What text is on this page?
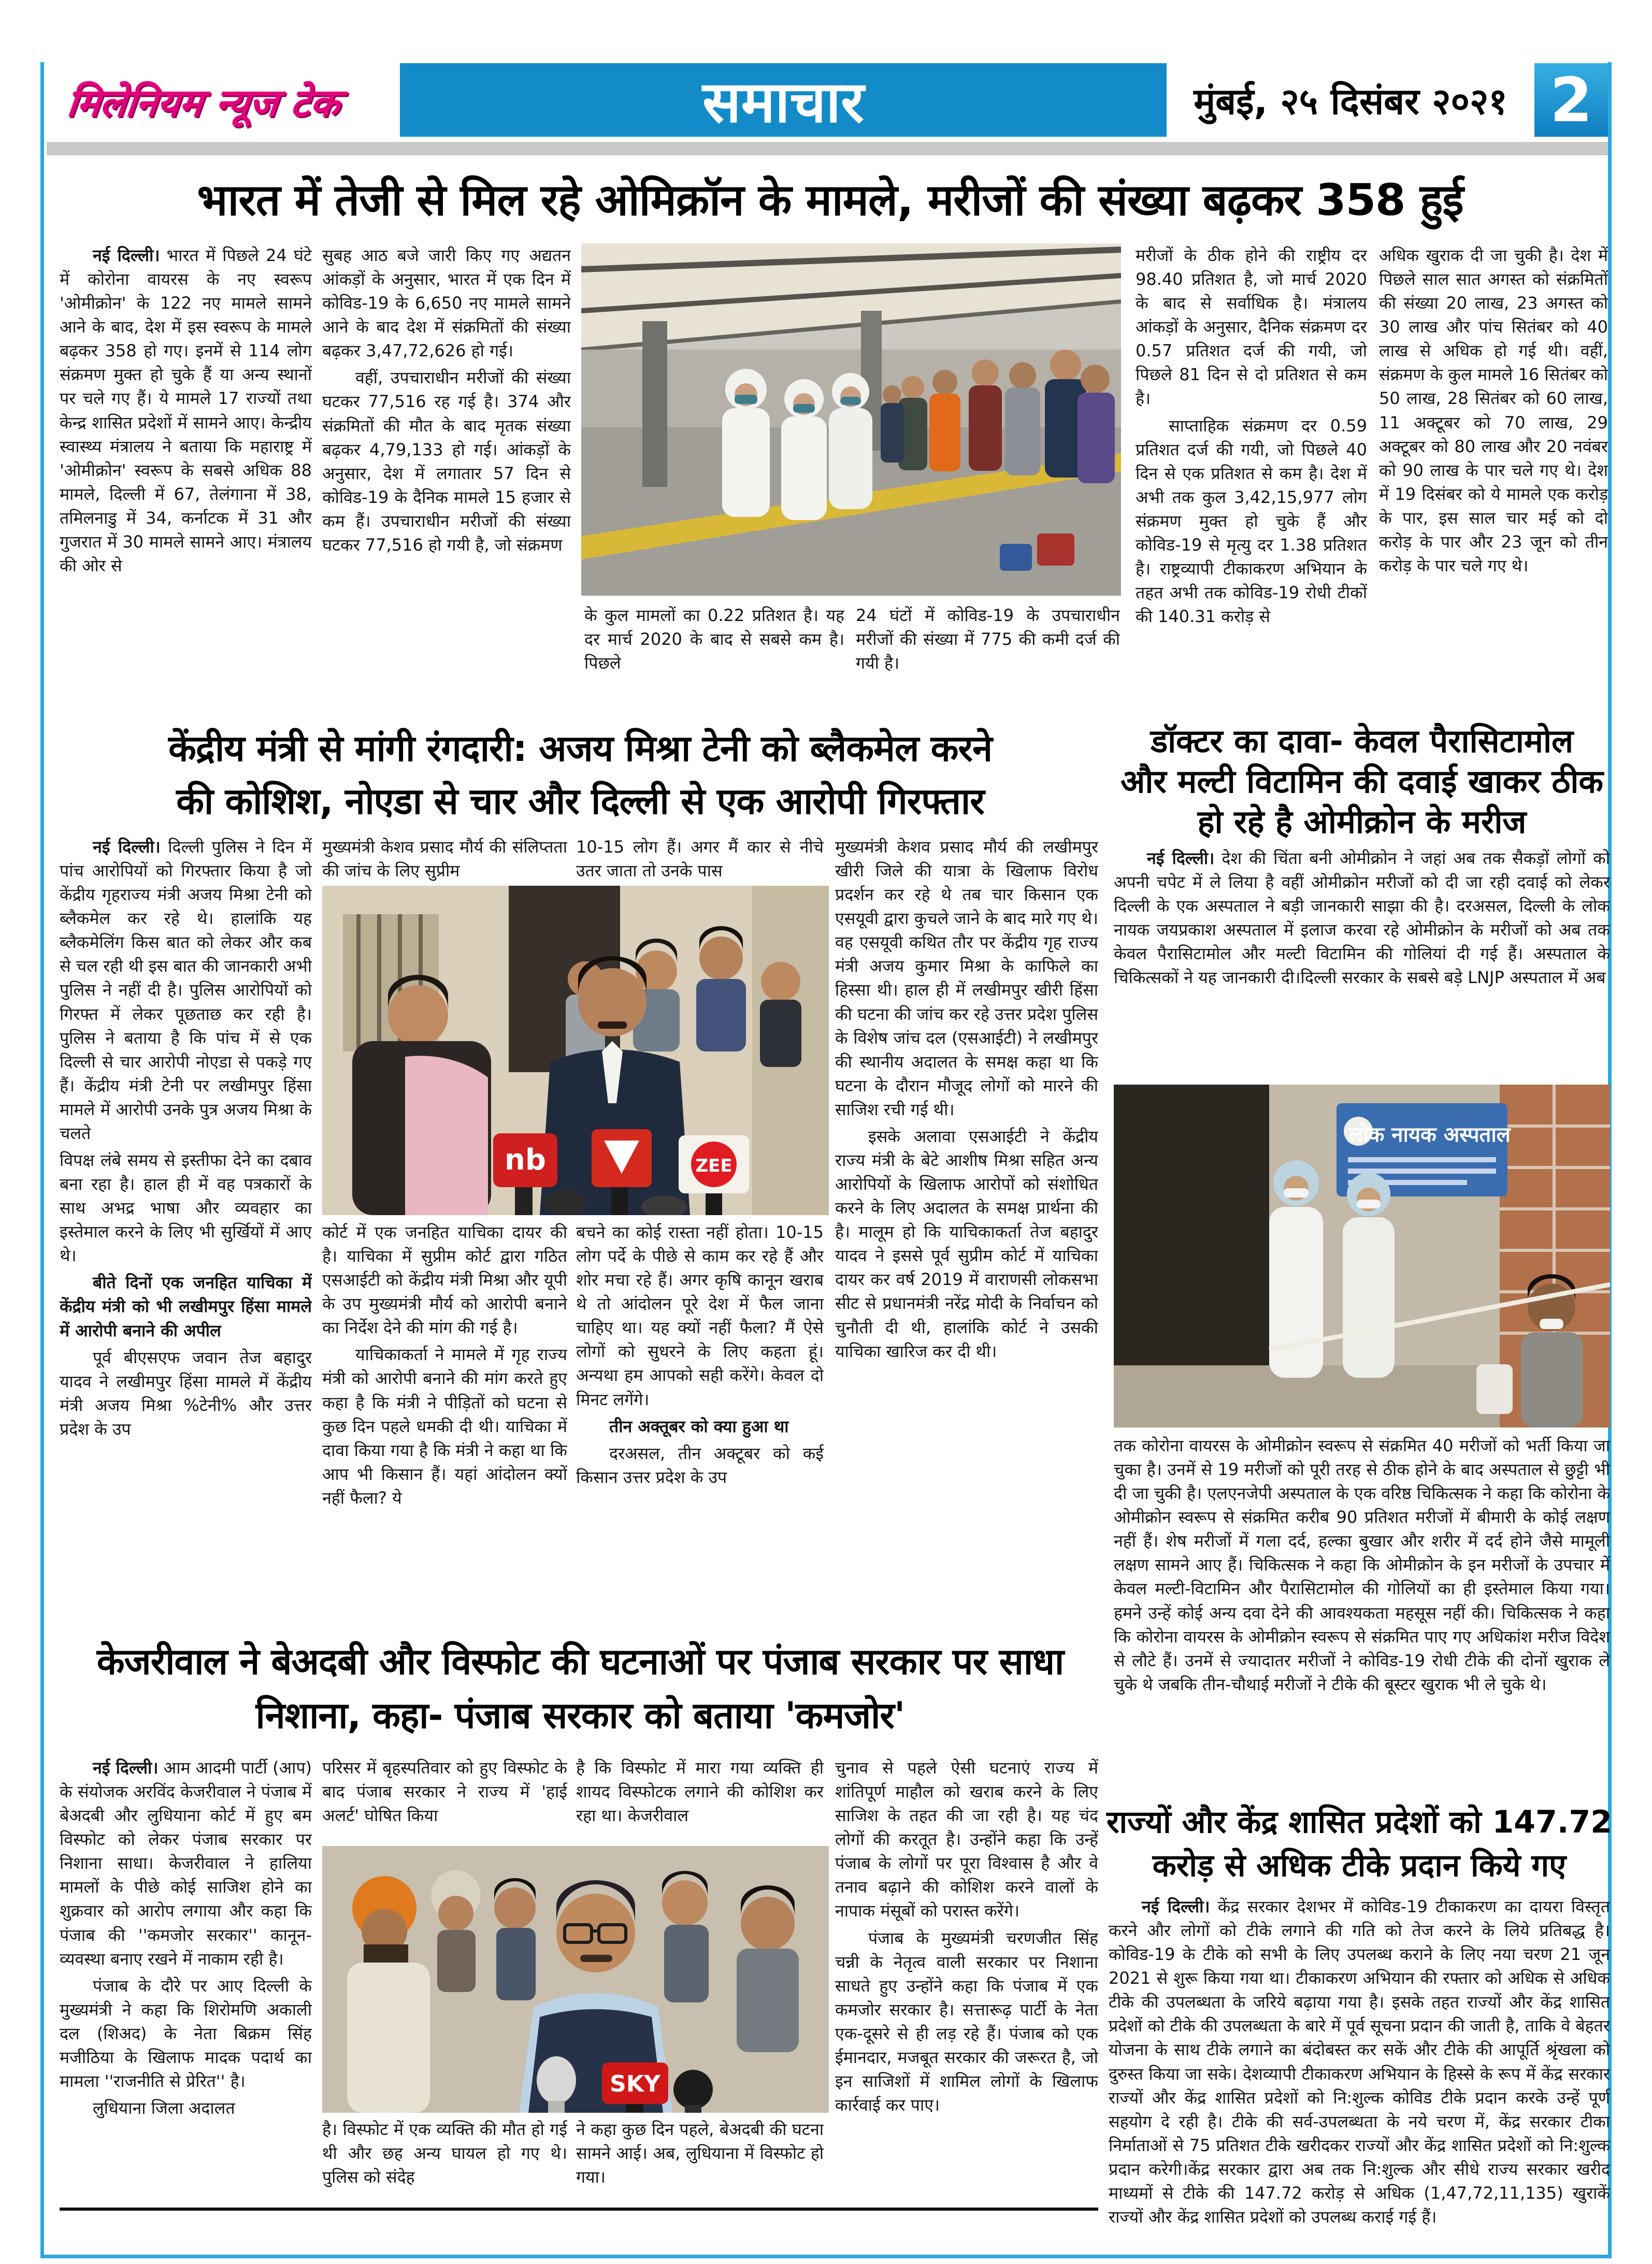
मिलेनियम न्यूज टेक	समाचार	मुंबई, २५ दिसंबर २०२१ 2
भारत में तेजी से मिल रहे ओमिक्रॉन के मामले, मरीजों की संख्या बढ़कर 358 हुई

नई दिल्ली। भारत में पिछले 24 घंटे में कोरोना वायरस के नए स्वरूप 'ओमीक्रोन' के 122 नए मामले सामने आने के बाद, देश में इस स्वरूप के मामले बढ़कर 358 हो गए। इनमें से 114 लोग संक्रमण मुक्त हो चुके हैं या अन्य स्थानों पर चले गए हैं। ये मामले 17 राज्यों तथा केन्द्र शासित प्रदेशों में सामने आए। केन्द्रीय स्वास्थ्य मंत्रालय ने बताया कि महाराष्ट्र में 'ओमीक्रोन' स्वरूप के सबसे अधिक 88 मामले, दिल्ली में 67, तेलंगाना में 38, तमिलनाडु में 34, कर्नाटक में 31 और गुजरात में 30 मामले सामने आए। मंत्रालय की ओर से

सुबह आठ बजे जारी किए गए अद्यतन आंकड़ों के अनुसार, भारत में एक दिन में कोविड-19 के 6,650 नए मामले सामने आने के बाद देश में संक्रमितों की संख्या बढ़कर 3,47,72,626 हो गई।

वहीं, उपचाराधीन मरीजों की संख्या घटकर 77,516 रह गई है। 374 और संक्रमितों की मौत के बाद मृतक संख्या बढ़कर 4,79,133 हो गई। आंकड़ों के अनुसार, देश में लगातार 57 दिन से कोविड-19 के दैनिक मामले 15 हजार से कम हैं। उपचाराधीन मरीजों की संख्या घटकर 77,516 हो गयी है, जो संक्रमण

के कुल मामलों का 0.22 प्रतिशत है। यह दर मार्च 2020 के बाद से सबसे कम है। पिछले
24 घंटों में कोविड-19 के उपचाराधीन मरीजों की संख्या में 775 की कमी दर्ज की गयी है।

मरीजों के ठीक होने की राष्ट्रीय दर 98.40 प्रतिशत है, जो मार्च 2020 के बाद से सर्वाधिक है। मंत्रालय आंकड़ों के अनुसार, दैनिक संक्रमण दर 0.57 प्रतिशत दर्ज की गयी, जो पिछले 81 दिन से दो प्रतिशत से कम है।

साप्ताहिक संक्रमण दर 0.59 प्रतिशत दर्ज की गयी, जो पिछले 40 दिन से एक प्रतिशत से कम है। देश में अभी तक कुल 3,42,15,977 लोग संक्रमण मुक्त हो चुके हैं और कोविड-19 से मृत्यु दर 1.38 प्रतिशत है। राष्ट्रव्यापी टीकाकरण अभियान के तहत अभी तक कोविड-19 रोधी टीकों की 140.31 करोड़ से

अधिक खुराक दी जा चुकी है। देश में पिछले साल सात अगस्त को संक्रमितों की संख्या 20 लाख, 23 अगस्त को 30 लाख और पांच सितंबर को 40 लाख से अधिक हो गई थी। वहीं, संक्रमण के कुल मामले 16 सितंबर को 50 लाख, 28 सितंबर को 60 लाख, 11 अक्टूबर को 70 लाख, 29 अक्टूबर को 80 लाख और 20 नवंबर को 90 लाख के पार चले गए थे। देश में 19 दिसंबर को ये मामले एक करोड़ के पार, इस साल चार मई को दो करोड़ के पार और 23 जून को तीन करोड़ के पार चले गए थे।
केंद्रीय मंत्री से मांगी रंगदारी: अजय मिश्रा टेनी को ब्लैकमेल करने
की कोशिश, नोएडा से चार और दिल्ली से एक आरोपी गिरफ्तार

नई दिल्ली। दिल्ली पुलिस ने दिन में पांच आरोपियों को गिरफ्तार किया है जो केंद्रीय गृहराज्य मंत्री अजय मिश्रा टेनी को ब्लैकमेल कर रहे थे। हालांकि यह ब्लैकमेलिंग किस बात को लेकर और कब से चल रही थी इस बात की जानकारी अभी पुलिस ने नहीं दी है। पुलिस आरोपियों को गिरफ्त में लेकर पूछताछ कर रही है। पुलिस ने बताया है कि पांच में से एक दिल्ली से चार आरोपी नोएडा से पकड़े गए हैं। केंद्रीय मंत्री टेनी पर लखीमपुर हिंसा मामले में आरोपी उनके पुत्र अजय मिश्रा के चलते

विपक्ष लंबे समय से इस्तीफा देने का दबाव बना रहा है। हाल ही में वह पत्रकारों के साथ अभद्र भाषा और व्यवहार का इस्तेमाल करने के लिए भी सुर्खियों में आए थे।

बीते दिनों एक जनहित याचिका में केंद्रीय मंत्री को भी लखीमपुर हिंसा मामले में आरोपी बनाने की अपील

पूर्व बीएसएफ जवान तेज बहादुर यादव ने लखीमपुर हिंसा मामले में केंद्रीय मंत्री अजय मिश्रा %टेनी% और उत्तर प्रदेश के उप

मुख्यमंत्री केशव प्रसाद मौर्य की संलिप्तता की जांच के लिए सुप्रीम
10-15 लोग हैं। अगर मैं कार से नीचे उतर जाता तो उनके पास
nb	ZEE

कोर्ट में एक जनहित याचिका दायर की है। याचिका में सुप्रीम कोर्ट द्वारा गठित एसआईटी को केंद्रीय मंत्री मिश्रा और यूपी के उप मुख्यमंत्री मौर्य को आरोपी बनाने का निर्देश देने की मांग की गई है।

याचिकाकर्ता ने मामले में गृह राज्य मंत्री को आरोपी बनाने की मांग करते हुए कहा है कि मंत्री ने पीड़ितों को घटना से कुछ दिन पहले धमकी दी थी। याचिका में दावा किया गया है कि मंत्री ने कहा था कि आप भी किसान हैं। यहां आंदोलन क्यों नहीं फैला? ये

बचने का कोई रास्ता नहीं होता। 10-15 लोग पर्दे के पीछे से काम कर रहे हैं और शोर मचा रहे हैं। अगर कृषि कानून खराब थे तो आंदोलन पूरे देश में फैल जाना चाहिए था। यह क्यों नहीं फैला? मैं ऐसे लोगों को सुधरने के लिए कहता हूं। अन्यथा हम आपको सही करेंगे। केवल दो मिनट लगेंगे।

तीन अक्तूबर को क्या हुआ था

दरअसल, तीन अक्टूबर को कई किसान उत्तर प्रदेश के उप

मुख्यमंत्री केशव प्रसाद मौर्य की लखीमपुर खीरी जिले की यात्रा के खिलाफ विरोध प्रदर्शन कर रहे थे तब चार किसान एक एसयूवी द्वारा कुचले जाने के बाद मारे गए थे। वह एसयूवी कथित तौर पर केंद्रीय गृह राज्य मंत्री अजय कुमार मिश्रा के काफिले का हिस्सा थी। हाल ही में लखीमपुर खीरी हिंसा की घटना की जांच कर रहे उत्तर प्रदेश पुलिस के विशेष जांच दल (एसआईटी) ने लखीमपुर की स्थानीय अदालत के समक्ष कहा था कि घटना के दौरान मौजूद लोगों को मारने की साजिश रची गई थी।

इसके अलावा एसआईटी ने केंद्रीय राज्य मंत्री के बेटे आशीष मिश्रा सहित अन्य आरोपियों के खिलाफ आरोपों को संशोधित करने के लिए अदालत के समक्ष प्रार्थना की है। मालूम हो कि याचिकाकर्ता तेज बहादुर यादव ने इससे पूर्व सुप्रीम कोर्ट में याचिका दायर कर वर्ष 2019 में वाराणसी लोकसभा सीट से प्रधानमंत्री नरेंद्र मोदी के निर्वाचन को चुनौती दी थी, हालांकि कोर्ट ने उसकी याचिका खारिज कर दी थी।

डॉक्टर का दावा- केवल पैरासिटामोल
और मल्टी विटामिन की दवाई खाकर ठीक
हो रहे है ओमीक्रोन के मरीज

नई दिल्ली। देश की चिंता बनी ओमीक्रोन ने जहां अब तक सैकड़ों लोगों को अपनी चपेट में ले लिया है वहीं ओमीक्रोन मरीजों को दी जा रही दवाई को लेकर दिल्ली के एक अस्पताल ने बड़ी जानकारी साझा की है। दरअसल, दिल्ली के लोक नायक जयप्रकाश अस्पताल में इलाज करवा रहे ओमीक्रोन के मरीजों को अब तक केवल पैरासिटामोल और मल्टी विटामिन की गोलियां दी गई हैं। अस्पताल के चिकित्सकों ने यह जानकारी दी।दिल्ली सरकार के सबसे बड़े LNJP अस्पताल में अब

लोक नायक अस्पताल
तक कोरोना वायरस के ओमीक्रोन स्वरूप से संक्रमित 40 मरीजों को भर्ती किया जा चुका है। उनमें से 19 मरीजों को पूरी तरह से ठीक होने के बाद अस्पताल से छुट्टी भी दी जा चुकी है। एलएनजेपी अस्पताल के एक वरिष्ठ चिकित्सक ने कहा कि कोरोना के ओमीक्रोन स्वरूप से संक्रमित करीब 90 प्रतिशत मरीजों में बीमारी के कोई लक्षण नहीं हैं। शेष मरीजों में गला दर्द, हल्का बुखार और शरीर में दर्द होने जैसे मामूली लक्षण सामने आए हैं। चिकित्सक ने कहा कि ओमीक्रोन के इन मरीजों के उपचार में केवल मल्टी-विटामिन और पैरासिटामोल की गोलियों का ही इस्तेमाल किया गया। हमने उन्हें कोई अन्य दवा देने की आवश्यकता महसूस नहीं की। चिकित्सक ने कहा कि कोरोना वायरस के ओमीक्रोन स्वरूप से संक्रमित पाए गए अधिकांश मरीज विदेश से लौटे हैं। उनमें से ज्यादातर मरीजों ने कोविड-19 रोधी टीके की दोनों खुराक ले चुके थे जबकि तीन-चौथाई मरीजों ने टीके की बूस्टर खुराक भी ले चुके थे।
केजरीवाल ने बेअदबी और विस्फोट की घटनाओं पर पंजाब सरकार पर साधा
निशाना, कहा- पंजाब सरकार को बताया 'कमजोर'

नई दिल्ली। आम आदमी पार्टी (आप) के संयोजक अरविंद केजरीवाल ने पंजाब में बेअदबी और लुधियाना कोर्ट में हुए बम विस्फोट को लेकर पंजाब सरकार पर निशाना साधा। केजरीवाल ने हालिया मामलों के पीछे कोई साजिश होने का शुक्रवार को आरोप लगाया और कहा कि पंजाब की ''कमजोर सरकार'' कानून-व्यवस्था बनाए रखने में नाकाम रही है।

पंजाब के दौरे पर आए दिल्ली के मुख्यमंत्री ने कहा कि शिरोमणि अकाली दल (शिअद) के नेता बिक्रम सिंह मजीठिया के खिलाफ मादक पदार्थ का मामला ''राजनीति से प्रेरित'' है।

लुधियाना जिला अदालत

परिसर में बृहस्पतिवार को हुए विस्फोट के बाद पंजाब सरकार ने राज्य में 'हाई अलर्ट' घोषित किया
है कि विस्फोट में मारा गया व्यक्ति ही शायद विस्फोटक लगाने की कोशिश कर रहा था। केजरीवाल
SKY
है। विस्फोट में एक व्यक्ति की मौत हो गई थी और छह अन्य घायल हो गए थे। पुलिस को संदेह
ने कहा कुछ दिन पहले, बेअदबी की घटना सामने आई। अब, लुधियाना में विस्फोट हो गया।

चुनाव से पहले ऐसी घटनाएं राज्य में शांतिपूर्ण माहौल को खराब करने के लिए साजिश के तहत की जा रही है। यह चंद लोगों की करतूत है। उन्होंने कहा कि उन्हें पंजाब के लोगों पर पूरा विश्वास है और वे तनाव बढ़ाने की कोशिश करने वालों के नापाक मंसूबों को परास्त करेंगे।

पंजाब के मुख्यमंत्री चरणजीत सिंह चन्नी के नेतृत्व वाली सरकार पर निशाना साधते हुए उन्होंने कहा कि पंजाब में एक कमजोर सरकार है। सत्तारूढ़ पार्टी के नेता एक-दूसरे से ही लड़ रहे हैं। पंजाब को एक ईमानदार, मजबूत सरकार की जरूरत है, जो इन साजिशों में शामिल लोगों के खिलाफ कार्रवाई कर पाए।

राज्यों और केंद्र शासित प्रदेशों को 147.72
करोड़ से अधिक टीके प्रदान किये गए

नई दिल्ली। केंद्र सरकार देशभर में कोविड-19 टीकाकरण का दायरा विस्तृत करने और लोगों को टीके लगाने की गति को तेज करने के लिये प्रतिबद्ध है। कोविड-19 के टीके को सभी के लिए उपलब्ध कराने के लिए नया चरण 21 जून 2021 से शुरू किया गया था। टीकाकरण अभियान की रफ्तार को अधिक से अधिक टीके की उपलब्धता के जरिये बढ़ाया गया है। इसके तहत राज्यों और केंद्र शासित प्रदेशों को टीके की उपलब्धता के बारे में पूर्व सूचना प्रदान की जाती है, ताकि वे बेहतर योजना के साथ टीके लगाने का बंदोबस्त कर सकें और टीके की आपूर्ति श्रृंखला को दुरुस्त किया जा सके। देशव्यापी टीकाकरण अभियान के हिस्से के रूप में केंद्र सरकार राज्यों और केंद्र शासित प्रदेशों को नि:शुल्क कोविड टीके प्रदान करके उन्हें पूर्ण सहयोग दे रही है। टीके की सर्व-उपलब्धता के नये चरण में, केंद्र सरकार टीका निर्माताओं से 75 प्रतिशत टीके खरीदकर राज्यों और केंद्र शासित प्रदेशों को नि:शुल्क प्रदान करेगी।केंद्र सरकार द्वारा अब तक नि:शुल्क और सीधे राज्य सरकार खरीद माध्यमों से टीके की 147.72 करोड़ से अधिक (1,47,72,11,135) खुराकें राज्यों और केंद्र शासित प्रदेशों को उपलब्ध कराई गई हैं।
